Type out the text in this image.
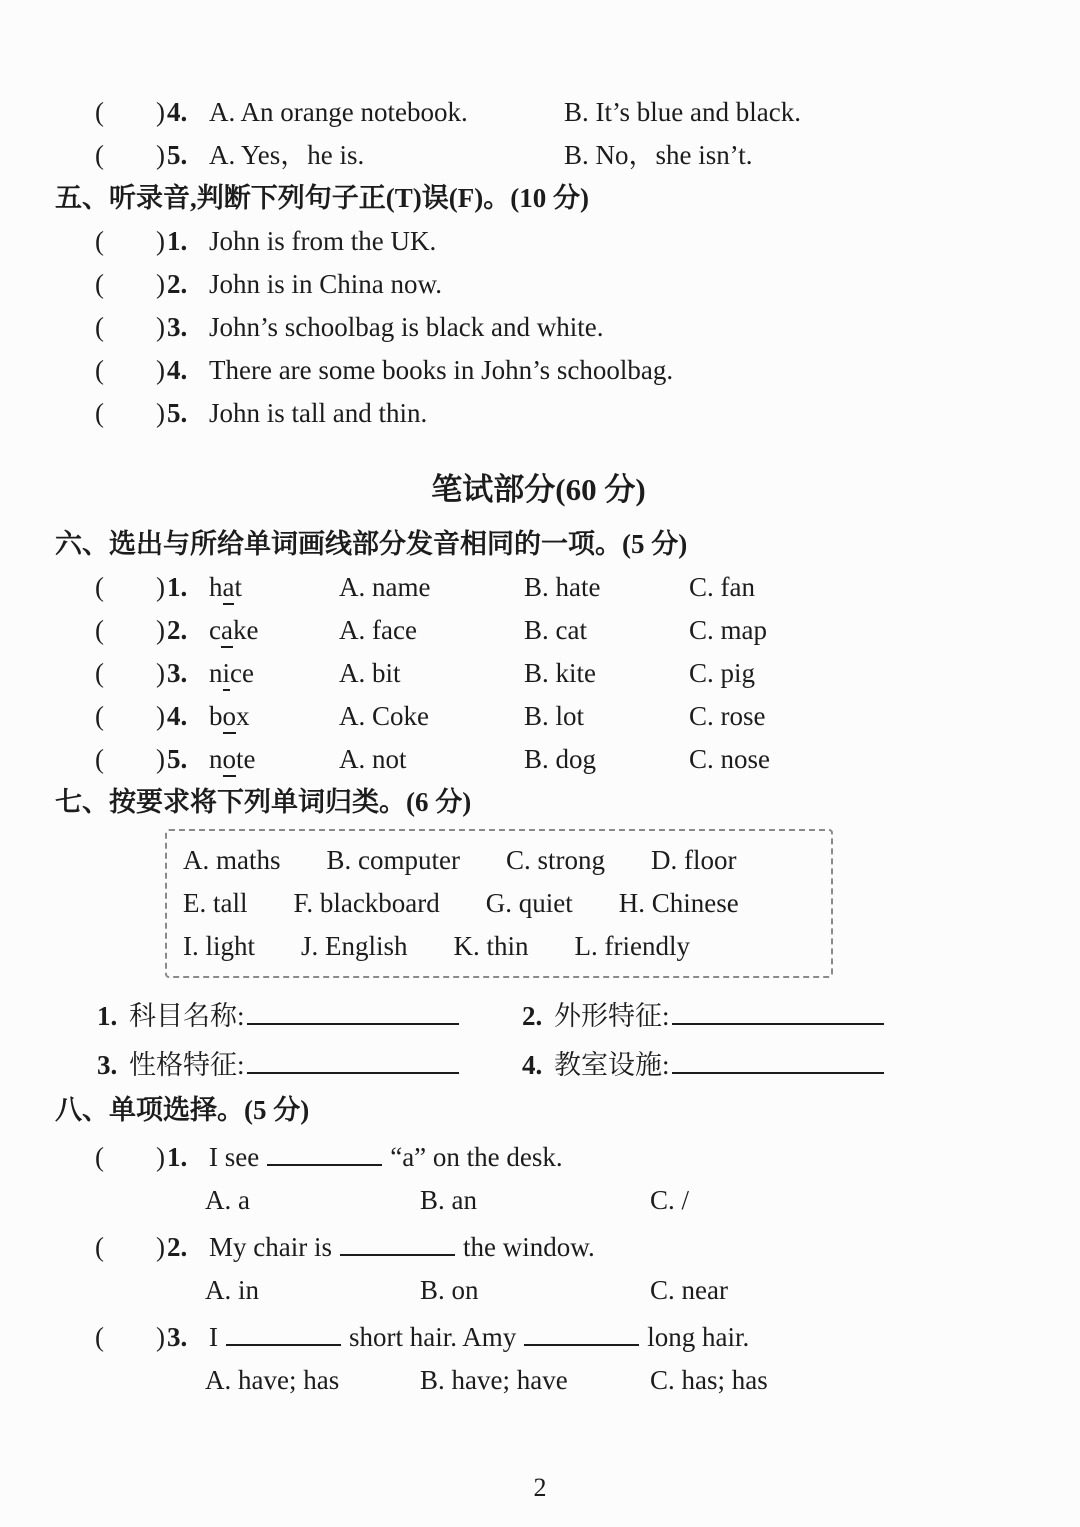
( ) 4. A. An orange notebook.	B. It’s blue and black.
( ) 5. A. Yes，he is.	B. No，she isn’t.
五、听录音,判断下列句子正(T)误(F)。(10 分)
( ) 1. John is from the UK.
( ) 2. John is in China now.
( ) 3. John’s schoolbag is black and white.
( ) 4. There are some books in John’s schoolbag.
( ) 5. John is tall and thin.
笔试部分(60 分)
六、选出与所给单词画线部分发音相同的一项。(5 分)
( ) 1. hat	A. name	B. hate	C. fan
( ) 2. cake	A. face	B. cat	C. map
( ) 3. nice	A. bit	B. kite	C. pig
( ) 4. box	A. Coke	B. lot	C. rose
( ) 5. note	A. not	B. dog	C. nose
七、按要求将下列单词归类。(6 分)
A. maths B. computer C. strong D. floor
E. tall F. blackboard G. quiet H. Chinese
I. light J. English K. thin L. friendly
1. 科目名称:	2. 外形特征:
3. 性格特征:	4. 教室设施:
八、单项选择。(5 分)
( ) 1. I see	“a” on the desk.
A. a	B. an	C. /
( ) 2. My chair is	the window.
A. in	B. on	C. near
( ) 3. I	short hair. Amy	long hair.
A. have; has	B. have; have	C. has; has
2
